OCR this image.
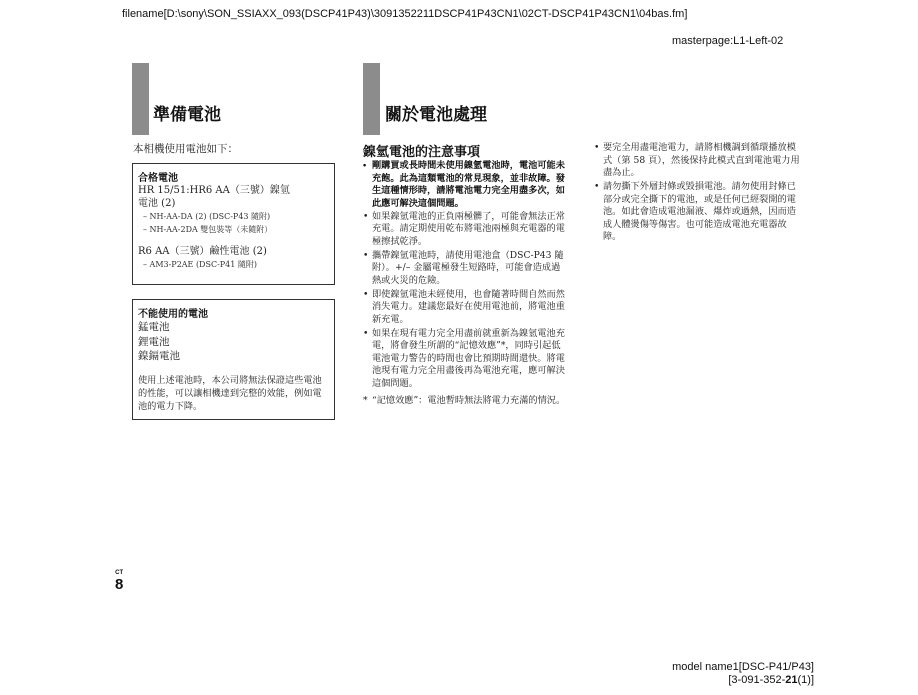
filename[D:\sony\SON_SSIAXX_093(DSCP41P43)\3091352211DSCP41P43CN1\02CT-DSCP41P43CN1\04bas.fm]
masterpage:L1-Left-02
準備電池
本相機使用電池如下：
合格電池
HR 15/51:HR6 AA（三號）鎳氫
電池 (2)
– NH-AA-DA (2) (DSC-P43 隨附)
– NH-AA-2DA 雙包裝等（未隨附）
R6 AA（三號）鹼性電池 (2)
– AM3-P2AE (DSC-P41 隨附)
不能使用的電池
錳電池
鋰電池
鎳鎘電池
使用上述電池時，本公司將無法保證這些電池的性能，可以讓相機達到完整的效能，例如電池的電力下降。
關於電池處理
鎳氫電池的注意事項
• 剛購買或長時間未使用鎳氫電池時，電池可能未充飽。此為這類電池的常見現象，並非故障。發生這種情形時，請將電池電力完全用盡多次，如此應可解決這個問題。
• 如果鎳氫電池的正負兩極髒了，可能會無法正常充電。請定期使用乾布將電池兩極與充電器的電極擦拭乾淨。
• 攜帶鎳氫電池時，請使用電池盒（DSC-P43 隨附）。+/– 金屬電極發生短路時，可能會造成過熱或火災的危險。
• 即使鎳氫電池未經使用，也會隨著時間自然而然消失電力。建議您最好在使用電池前，將電池重新充電。
• 如果在現有電力完全用盡前就重新為鎳氫電池充電，將會發生所謂的“記憶效應”*，同時引起低電池電力警告的時間也會比預期時間還快。將電池現有電力完全用盡後再為電池充電，應可解決這個問題。
* “記憶效應”：電池暫時無法將電力充滿的情況。
• 要完全用盡電池電力，請將相機調到循環播放模式（第 58 頁），然後保持此模式直到電池電力用盡為止。
• 請勿撕下外層封條或毀損電池。請勿使用封條已部分或完全撕下的電池，或是任何已經裂開的電池。如此會造成電池漏液、爆炸或過熱，因而造成人體燙傷等傷害。也可能造成電池充電器故障。
CT
8
model name1[DSC-P41/P43]
[3-091-352-21(1)]
